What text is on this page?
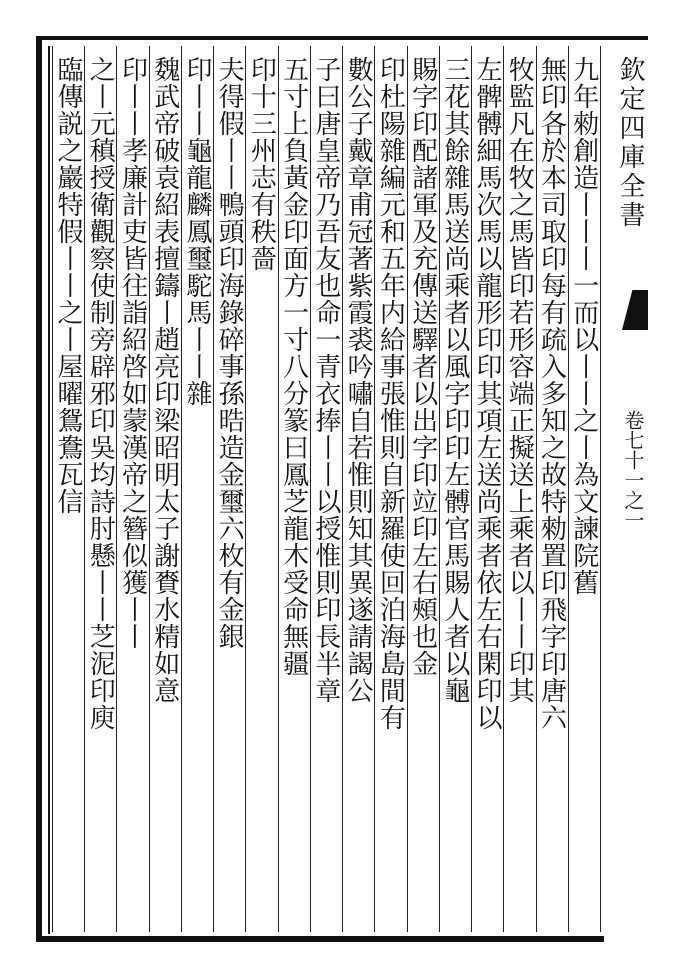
欽定四庫全書
卷七十一之一
九年勑創造丨丨丨一而以丨丨之丨為文諫院舊
無印各於本司取印每有疏入多知之故特勑置印飛字印唐六
牧監凡在牧之馬皆印若形容端正擬送上乘者以丨丨印其
左髀髆細馬次馬以龍形印印其項左送尚乘者依左右閑印以
三花其餘雜馬送尚乘者以風字印印左髆官馬賜人者以龜
賜字印配諸軍及充傳送驛者以出字印竝印左右頰也金
印杜陽雜編元和五年内給事張惟則自新羅使回泊海島間有
數公子戴章甫冠著紫霞裘吟嘯自若惟則知其異遂請謁公
子曰唐皇帝乃吾友也命一青衣捧丨丨以授惟則印長半章
五寸上負黃金印面方一寸八分篆曰鳳芝龍木受命無疆
印十三州志有秩嗇
夫得假丨丨鴨頭印海錄碎事孫晧造金璽六枚有金銀
印丨丨龜龍麟鳳璽駝馬丨丨雜
魏武帝破袁紹表擅鑄丨趙亮印梁昭明太子謝賚水精如意
印丨丨孝廉計吏皆往詣紹啓如蒙漢帝之簪似獲丨丨
之丨元稹授衛觀察使制旁辟邪印吳均詩肘懸丨丨芝泥印庾
臨傳説之巖特假丨丨之丨屋曜鴛鴦瓦信
